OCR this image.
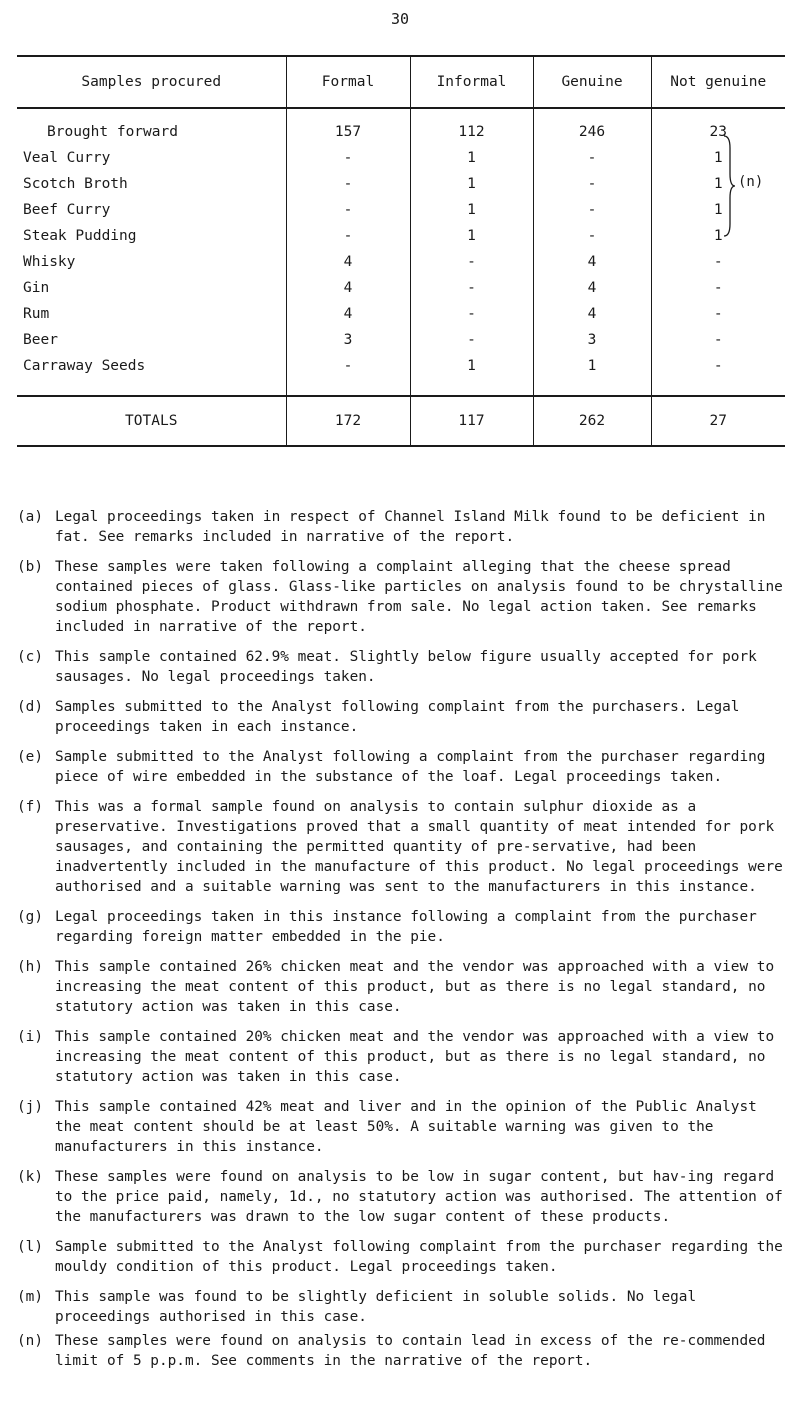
30
Samples procured	Formal	Informal	Genuine	Not genuine
Brought forward	157	112	246	23
Veal Curry	-	1	-	1
Scotch Broth	-	1	-	1
Beef Curry	-	1	-	1
Steak Pudding	-	1	-	1
Whisky	4	-	4	-
Gin	4	-	4	-
Rum	4	-	4	-
Beer	3	-	3	-
Carraway Seeds	-	1	1	-
TOTALS	172	117	262	27
(n)
(a) Legal proceedings taken in respect of Channel Island Milk found to be deficient in fat. See remarks included in narrative of the report.
(b) These samples were taken following a complaint alleging that the cheese spread contained pieces of glass. Glass-like particles on analysis found to be chrystalline sodium phosphate. Product withdrawn from sale. No legal action taken. See remarks included in narrative of the report.
(c) This sample contained 62.9% meat. Slightly below figure usually accepted for pork sausages. No legal proceedings taken.
(d) Samples submitted to the Analyst following complaint from the purchasers. Legal proceedings taken in each instance.
(e) Sample submitted to the Analyst following a complaint from the purchaser regarding piece of wire embedded in the substance of the loaf. Legal proceedings taken.
(f) This was a formal sample found on analysis to contain sulphur dioxide as a preservative. Investigations proved that a small quantity of meat intended for pork sausages, and containing the permitted quantity of pre-servative, had been inadvertently included in the manufacture of this product. No legal proceedings were authorised and a suitable warning was sent to the manufacturers in this instance.
(g) Legal proceedings taken in this instance following a complaint from the purchaser regarding foreign matter embedded in the pie.
(h) This sample contained 26% chicken meat and the vendor was approached with a view to increasing the meat content of this product, but as there is no legal standard, no statutory action was taken in this case.
(i) This sample contained 20% chicken meat and the vendor was approached with a view to increasing the meat content of this product, but as there is no legal standard, no statutory action was taken in this case.
(j) This sample contained 42% meat and liver and in the opinion of the Public Analyst the meat content should be at least 50%. A suitable warning was given to the manufacturers in this instance.
(k) These samples were found on analysis to be low in sugar content, but hav-ing regard to the price paid, namely, 1d., no statutory action was authorised. The attention of the manufacturers was drawn to the low sugar content of these products.
(l) Sample submitted to the Analyst following complaint from the purchaser regarding the mouldy condition of this product. Legal proceedings taken.
(m) This sample was found to be slightly deficient in soluble solids. No legal proceedings authorised in this case.
(n) These samples were found on analysis to contain lead in excess of the re-commended limit of 5 p.p.m. See comments in the narrative of the report.
